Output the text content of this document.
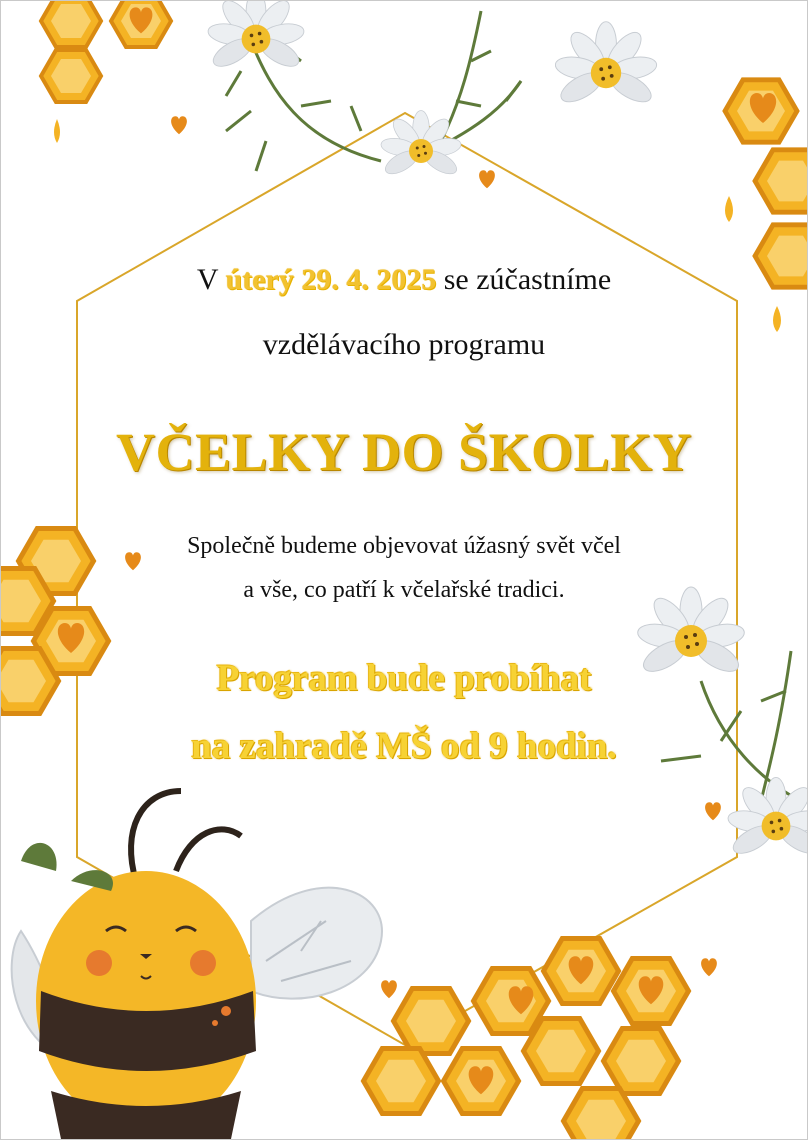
V úterý 29. 4. 2025 se zúčastníme
vzdělávacího programu
VČELKY DO ŠKOLKY
Společně budeme objevovat úžasný svět včel
a vše, co patří k včelařské tradici.
Program bude probíhat
na zahradě MŠ od 9 hodin.
